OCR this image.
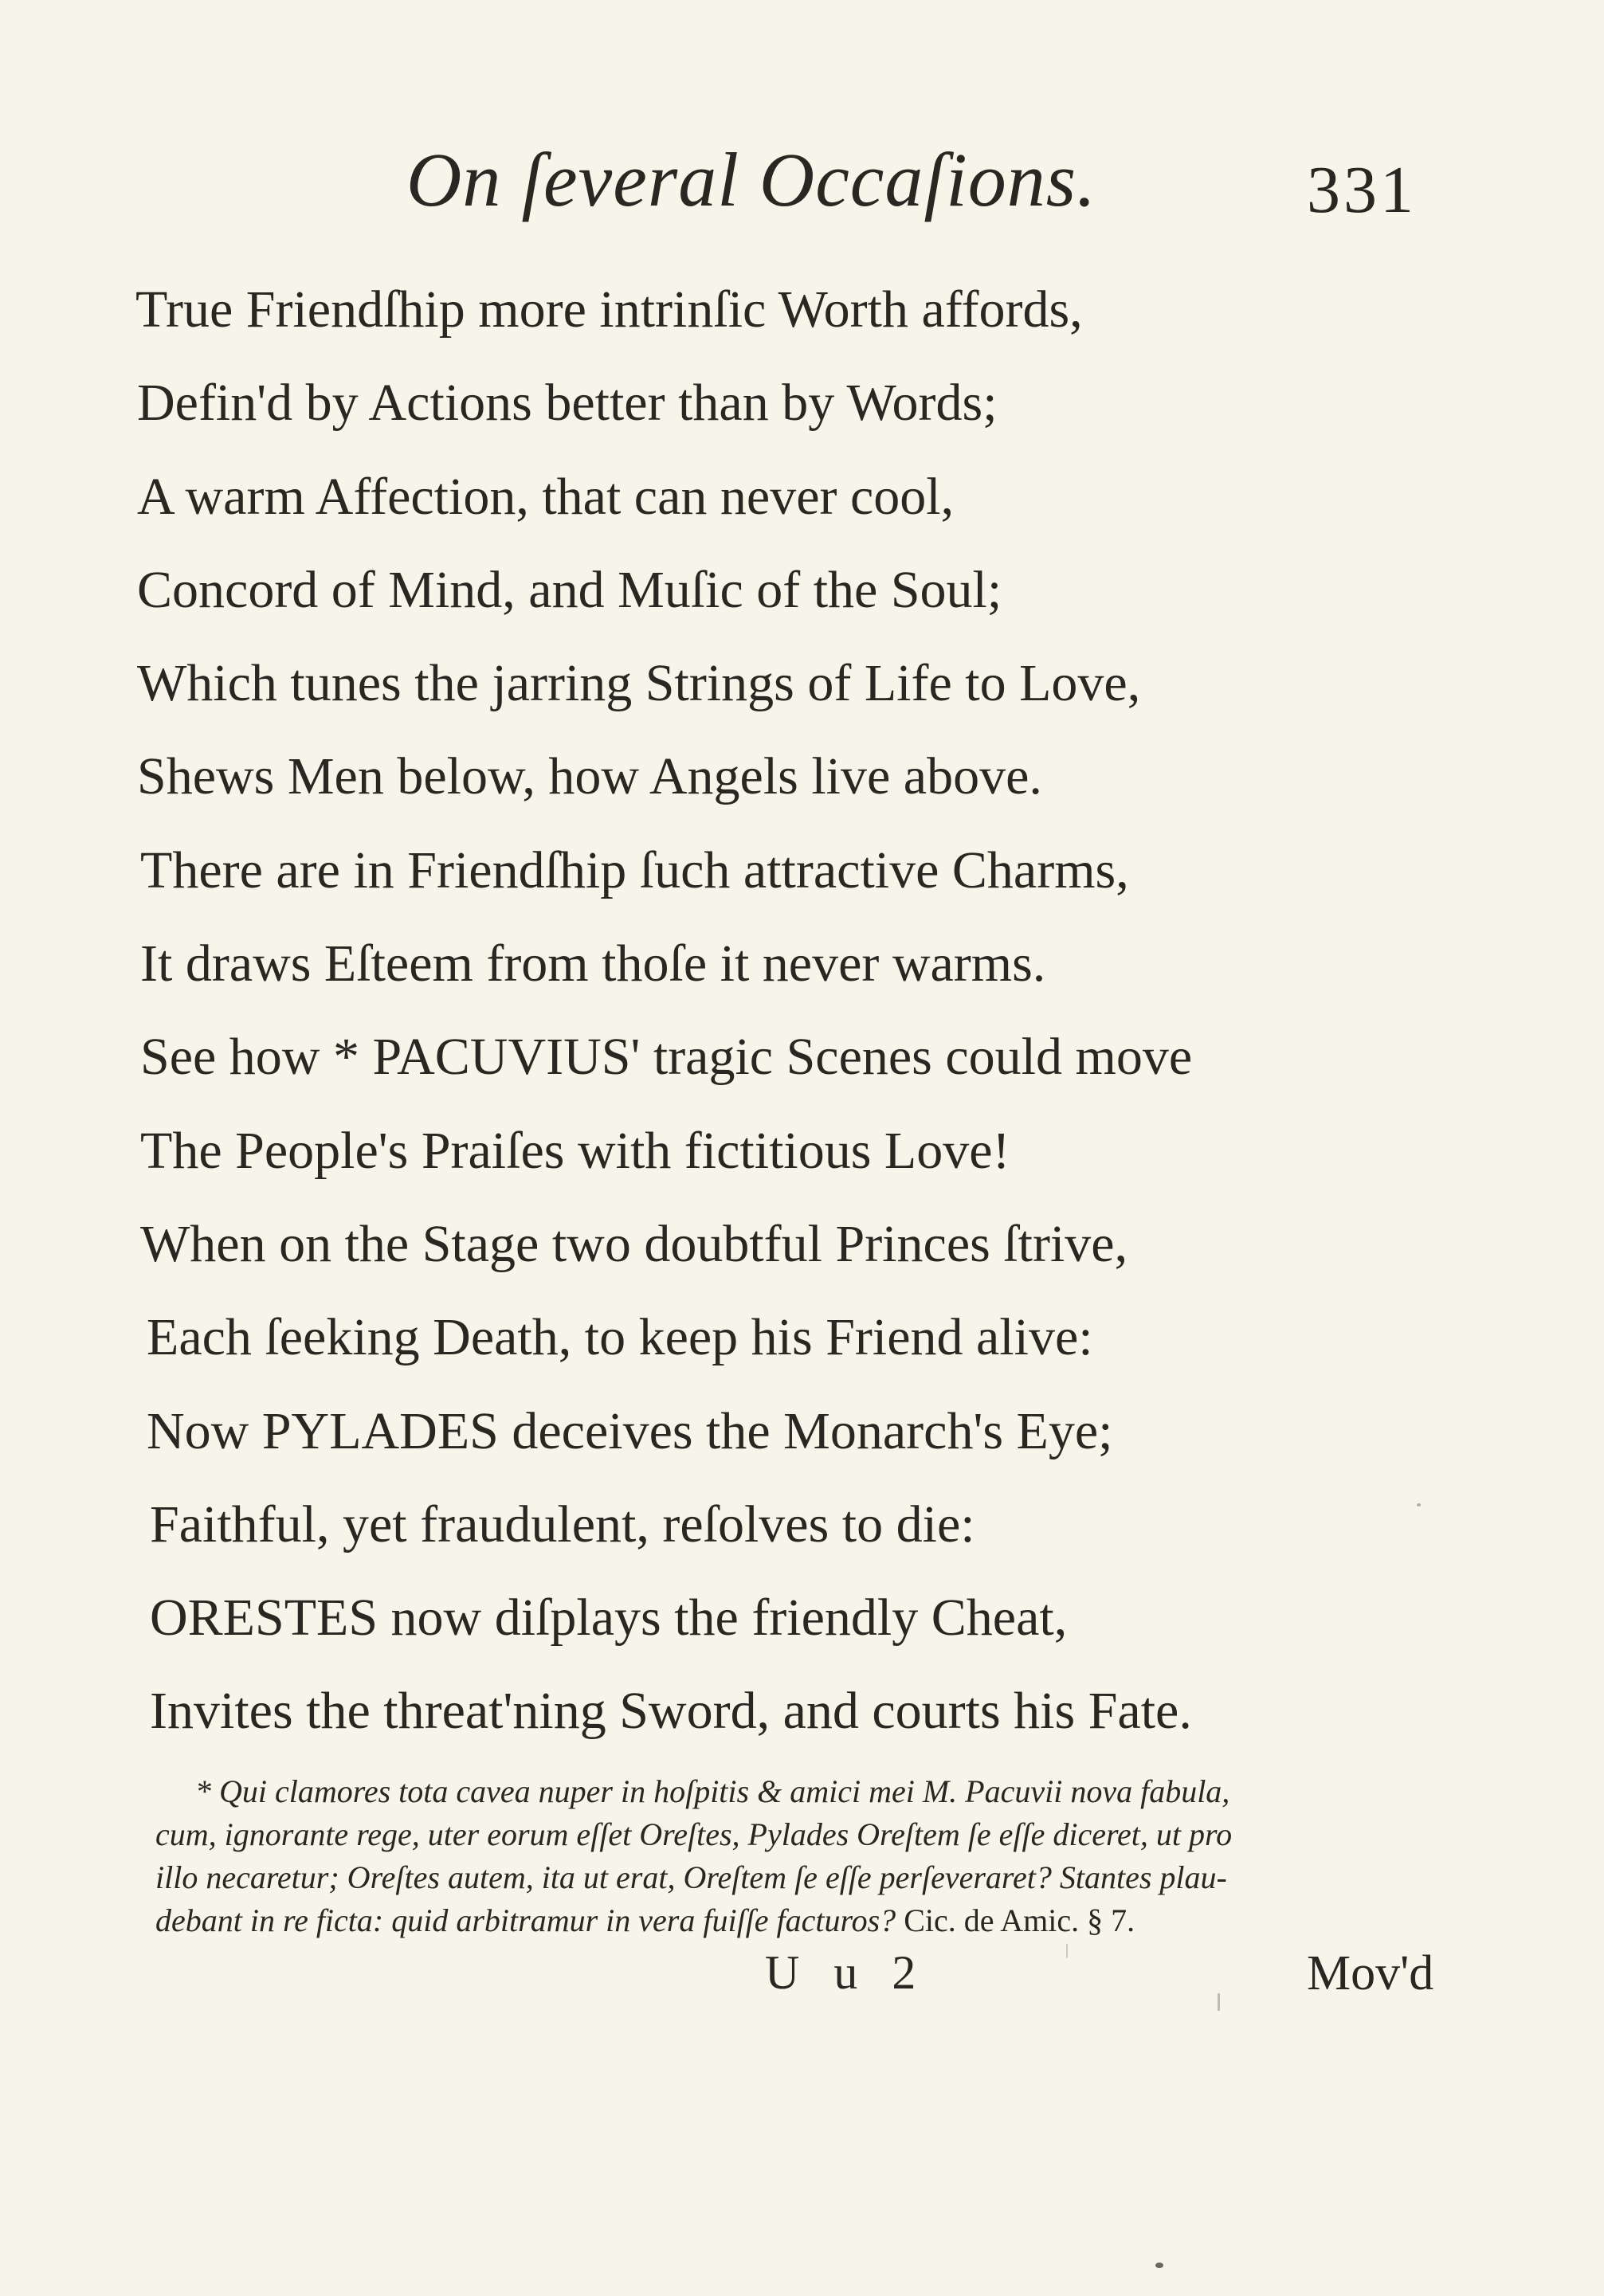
On ſeveral Occaſions.	331

True Friendſhip more intrinſic Worth affords,

Defin'd by Actions better than by Words;

A warm Affection, that can never cool,

Concord of Mind, and Muſic of the Soul;

Which tunes the jarring Strings of Life to Love,

Shews Men below, how Angels live above.

There are in Friendſhip ſuch attractive Charms,

It draws Eſteem from thoſe it never warms.

See how * PACUVIUS' tragic Scenes could move

The People's Praiſes with fictitious Love!

When on the Stage two doubtful Princes ſtrive,

Each ſeeking Death, to keep his Friend alive:

Now PYLADES deceives the Monarch's Eye;

Faithful, yet fraudulent, reſolves to die:

ORESTES now diſplays the friendly Cheat,

Invites the threat'ning Sword, and courts his Fate.

* Qui clamores tota cavea nuper in hoſpitis & amici mei M. Pacuvii nova fabula,

cum, ignorante rege, uter eorum eſſet Oreſtes, Pylades Oreſtem ſe eſſe diceret, ut pro

illo necaretur; Oreſtes autem, ita ut erat, Oreſtem ſe eſſe perſeveraret? Stantes plau-

debant in re ficta: quid arbitramur in vera fuiſſe facturos? Cic. de Amic. § 7.

U u 2	Mov'd
